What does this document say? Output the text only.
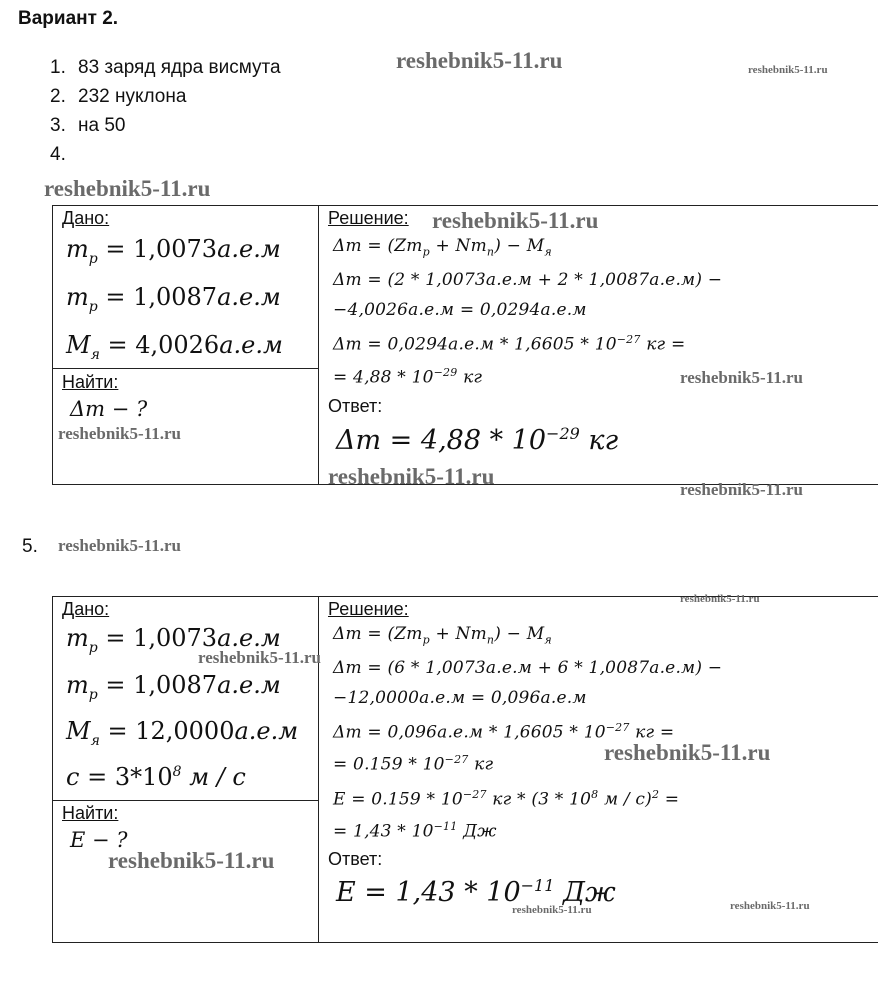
Вариант 2.
1. 83 заряд ядра висмута
2. 232 нуклона
3. на 50
4.
Дано:
$m_p = 1,0073а.е.м$
$m_p = 1,0087а.е.м$
$M_я = 4,0026а.е.м$
Найти:
Δm − ?
Решение:
$\Delta m = (Zm_p + Nm_n) - M_я$
Δm = (2 * 1,0073а.е.м + 2 * 1,0087а.е.м) −
−4,0026а.е.м = 0,0294а.е.м
$\Delta m = 0,0294а.е.м * 1,6605 * 10^{-27}$ кг =
= $4,88 * 10^{-29}$ кг
Ответ:
$\Delta m = 4,88 * 10^{-29}$ кг
5.
Дано:
$m_p = 1,0073а.е.м$
$m_p = 1,0087а.е.м$
$M_я = 12,0000а.е.м$
$c = 3*10^8$ м / с
Найти:
E − ?
Решение:
$\Delta m = (Zm_p + Nm_n) - M_я$
Δm = (6 * 1,0073а.е.м + 6 * 1,0087а.е.м) −
−12,0000а.е.м = 0,096а.е.м
$\Delta m = 0,096а.е.м * 1,6605 * 10^{-27}$ кг =
= $0.159 * 10^{-27}$ кг
$E = 0.159 * 10^{-27}$ кг * ($3 * 10^8$ м / с)$^2$ =
= $1,43 * 10^{-11}$ Дж
Ответ:
$E = 1,43 * 10^{-11}$ Дж
reshebnik5-11.ru	reshebnik5-11.ru
reshebnik5-11.ru
reshebnik5-11.ru
reshebnik5-11.ru
reshebnik5-11.ru
reshebnik5-11.ru
reshebnik5-11.ru
reshebnik5-11.ru
reshebnik5-11.ru
reshebnik5-11.ru
reshebnik5-11.ru
reshebnik5-11.ru
reshebnik5-11.ru	reshebnik5-11.ru
